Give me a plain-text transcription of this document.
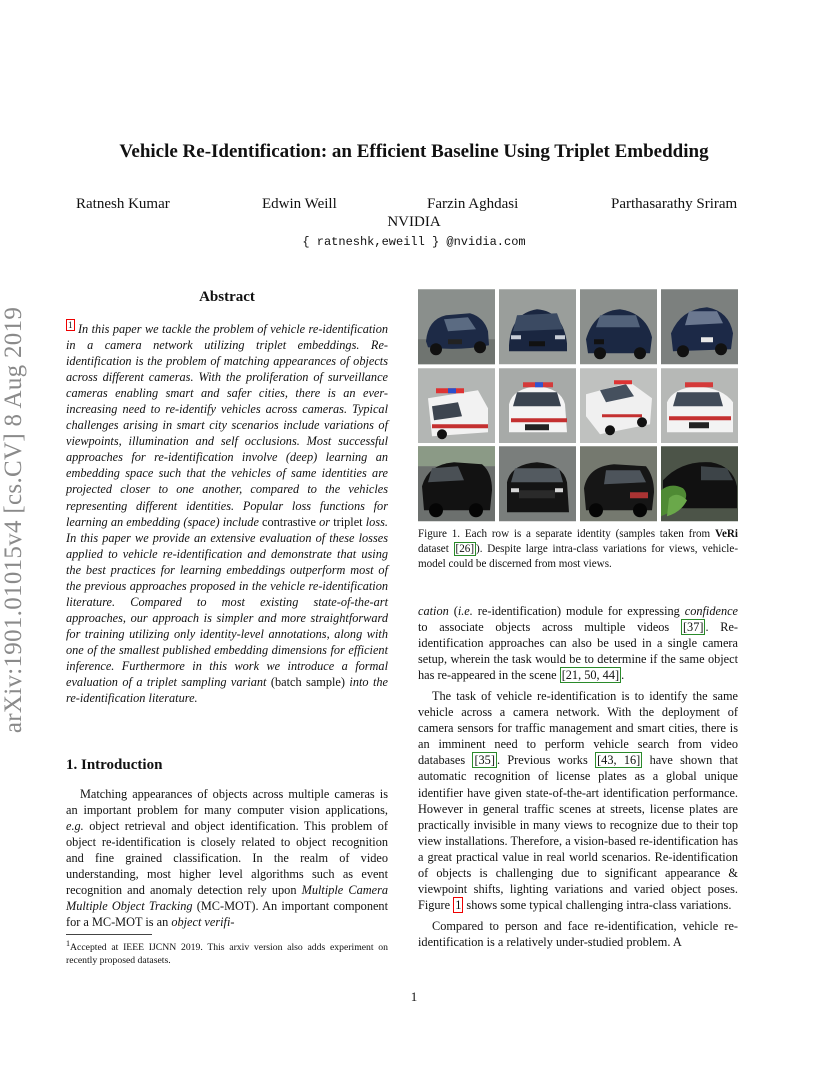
arXiv:1901.01015v4 [cs.CV] 8 Aug 2019
Vehicle Re-Identification: an Efficient Baseline Using Triplet Embedding
Ratnesh Kumar	Edwin Weill	Farzin Aghdasi	Parthasarathy Sriram
NVIDIA
{ ratneshk,eweill } @nvidia.com
Abstract
$^1$ In this paper we tackle the problem of vehicle re-identification in a camera network utilizing triplet embeddings. Re-identification is the problem of matching appearances of objects across different cameras. With the proliferation of surveillance cameras enabling smart and safer cities, there is an ever-increasing need to re-identify vehicles across cameras. Typical challenges arising in smart city scenarios include variations of viewpoints, illumination and self occlusions. Most successful approaches for re-identification involve (deep) learning an embedding space such that the vehicles of same identities are projected closer to one another, compared to the vehicles representing different identities. Popular loss functions for learning an embedding (space) include contrastive or triplet loss. In this paper we provide an extensive evaluation of these losses applied to vehicle re-identification and demonstrate that using the best practices for learning embeddings outperform most of the previous approaches proposed in the vehicle re-identification literature. Compared to most existing state-of-the-art approaches, our approach is simpler and more straightforward for training utilizing only identity-level annotations, along with one of the smallest published embedding dimensions for efficient inference. Furthermore in this work we introduce a formal evaluation of a triplet sampling variant (batch sample) into the re-identification literature.
1. Introduction

Matching appearances of objects across multiple cameras is an important problem for many computer vision applications, e.g. object retrieval and object identification. This problem of object re-identification is closely related to object recognition and fine grained classification. In the realm of video understanding, most higher level algorithms such as event recognition and anomaly detection rely upon Multiple Camera Multiple Object Tracking (MC-MOT). An important component for a MC-MOT is an object verifi-

$^1$Accepted at IEEE IJCNN 2019. This arxiv version also adds experiment on recently proposed datasets.
Figure 1. Each row is a separate identity (samples taken from VeRi dataset [26] ). Despite large intra-class variations for views, vehicle-model could be discerned from most views.

cation (i.e. re-identification) module for expressing confidence to associate objects across multiple videos [37] . Re-identification approaches can also be used in a single camera setup, wherein the task would be to determine if the same object has re-appeared in the scene [21, 50, 44] .

The task of vehicle re-identification is to identify the same vehicle across a camera network. With the deployment of camera sensors for traffic management and smart cities, there is an imminent need to perform vehicle search from video databases [35] . Previous works [43, 16] have shown that automatic recognition of license plates as a global unique identifier have given state-of-the-art identification performance. However in general traffic scenes at streets, license plates are practically invisible in many views to recognize due to their top view installations. Therefore, a vision-based re-identification has a great practical value in real world scenarios. Re-identification of objects is challenging due to significant appearance & viewpoint shifts, lighting variations and varied object poses. Figure 1 shows some typical challenging intra-class variations.

Compared to person and face re-identification, vehicle re-identification is a relatively under-studied problem. A

1
